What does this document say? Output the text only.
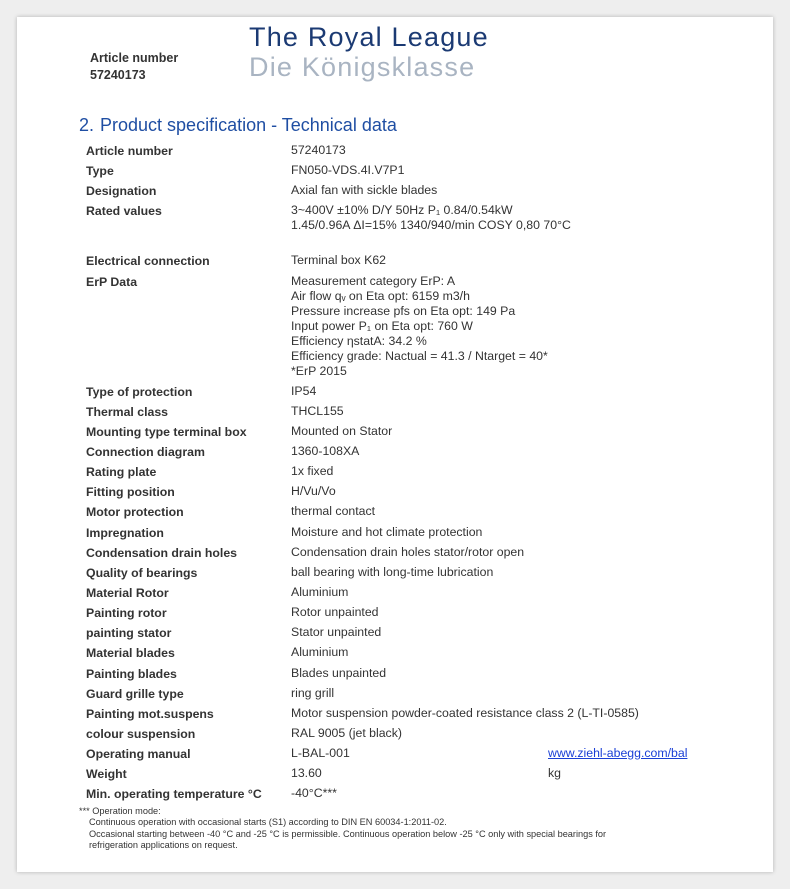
Article number
57240173
The Royal League
Die Königsklasse
2. Product specification - Technical data
Article number	57240173
Type	FN050-VDS.4I.V7P1
Designation	Axial fan with sickle blades
Rated values	3~400V ±10% D/Y 50Hz P₁ 0.84/0.54kW
1.45/0.96A ΔI=15% 1340/940/min COSY 0,80 70°C
Electrical connection	Terminal box K62
ErP Data	Measurement category ErP: A
Air flow qᵥ on Eta opt: 6159 m3/h
Pressure increase pfs on Eta opt: 149 Pa
Input power P₁ on Eta opt: 760 W
Efficiency ηstatA: 34.2 %
Efficiency grade: Nactual = 41.3 / Ntarget = 40*
*ErP 2015
Type of protection	IP54
Thermal class	THCL155
Mounting type terminal box	Mounted on Stator
Connection diagram	1360-108XA
Rating plate	1x fixed
Fitting position	H/Vu/Vo
Motor protection	thermal contact
Impregnation	Moisture and hot climate protection
Condensation drain holes	Condensation drain holes stator/rotor open
Quality of bearings	ball bearing with long-time lubrication
Material Rotor	Aluminium
Painting rotor	Rotor unpainted
painting stator	Stator unpainted
Material blades	Aluminium
Painting blades	Blades unpainted
Guard grille type	ring grill
Painting mot.suspens	Motor suspension powder-coated resistance class 2 (L-TI-0585)
colour suspension	RAL 9005 (jet black)
Operating manual	L-BAL-001	www.ziehl-abegg.com/bal
Weight	13.60	kg
Min. operating temperature °C -40°C***
*** Operation mode:
Continuous operation with occasional starts (S1) according to DIN EN 60034-1:2011-02.
Occasional starting between -40 °C and -25 °C is permissible. Continuous operation below -25 °C only with special bearings for
refrigeration applications on request.
